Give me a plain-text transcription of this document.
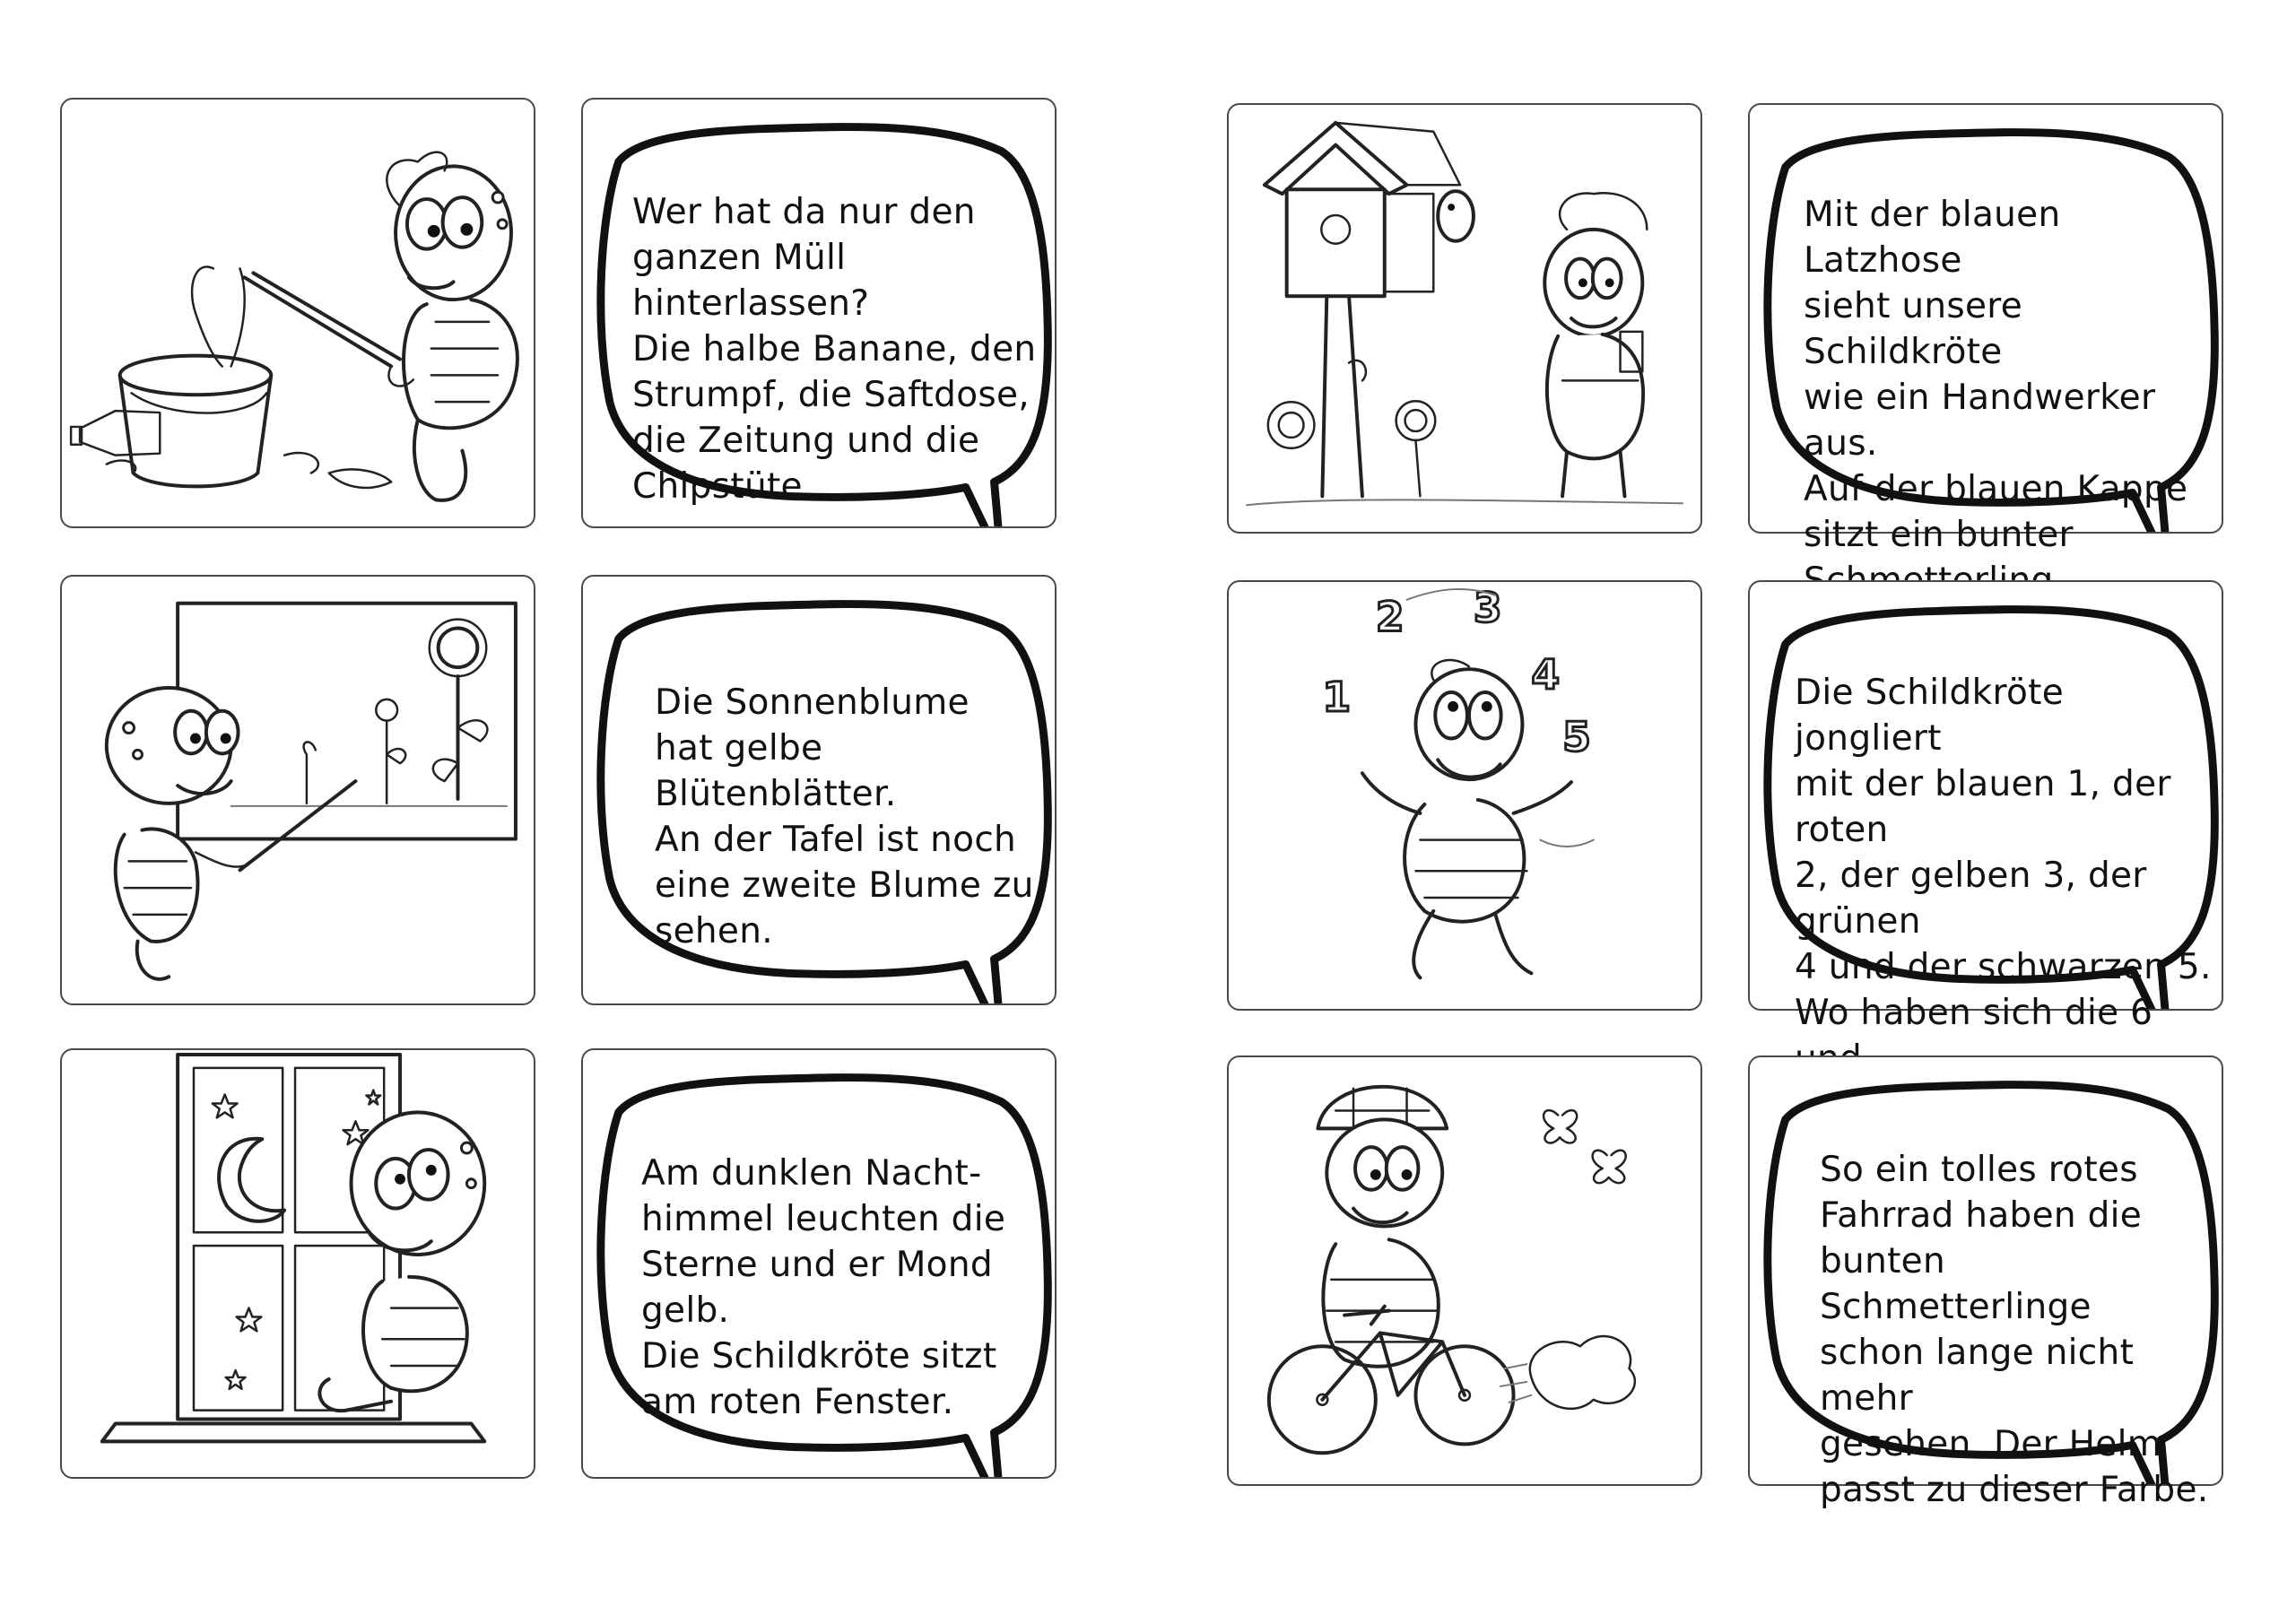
Wer hat da nur den
ganzen Müll hinterlassen?
Die halbe Banane, den
Strumpf, die Saftdose,
die Zeitung und die
Chipstüte.
Die Sonnenblume
hat gelbe Blütenblätter.
An der Tafel ist noch
eine zweite Blume zu
sehen.
Am dunklen Nacht-
himmel leuchten die
Sterne und er Mond
gelb.
Die Schildkröte sitzt
am roten Fenster.
Mit der blauen Latzhose
sieht unsere Schildkröte
wie ein Handwerker aus.
Auf der blauen Kappe
sitzt ein bunter

1
2 3
4
5
Die Schildkröte jongliert
mit der blauen 1, der roten
2, der gelben 3, der grünen
4 und der schwarzen 5.
Wo haben sich die 6

So ein tolles rotes
Fahrrad haben die
bunten Schmetterlinge
schon lange nicht mehr
gesehen. Der Helm
passt zu dieser Farbe.
